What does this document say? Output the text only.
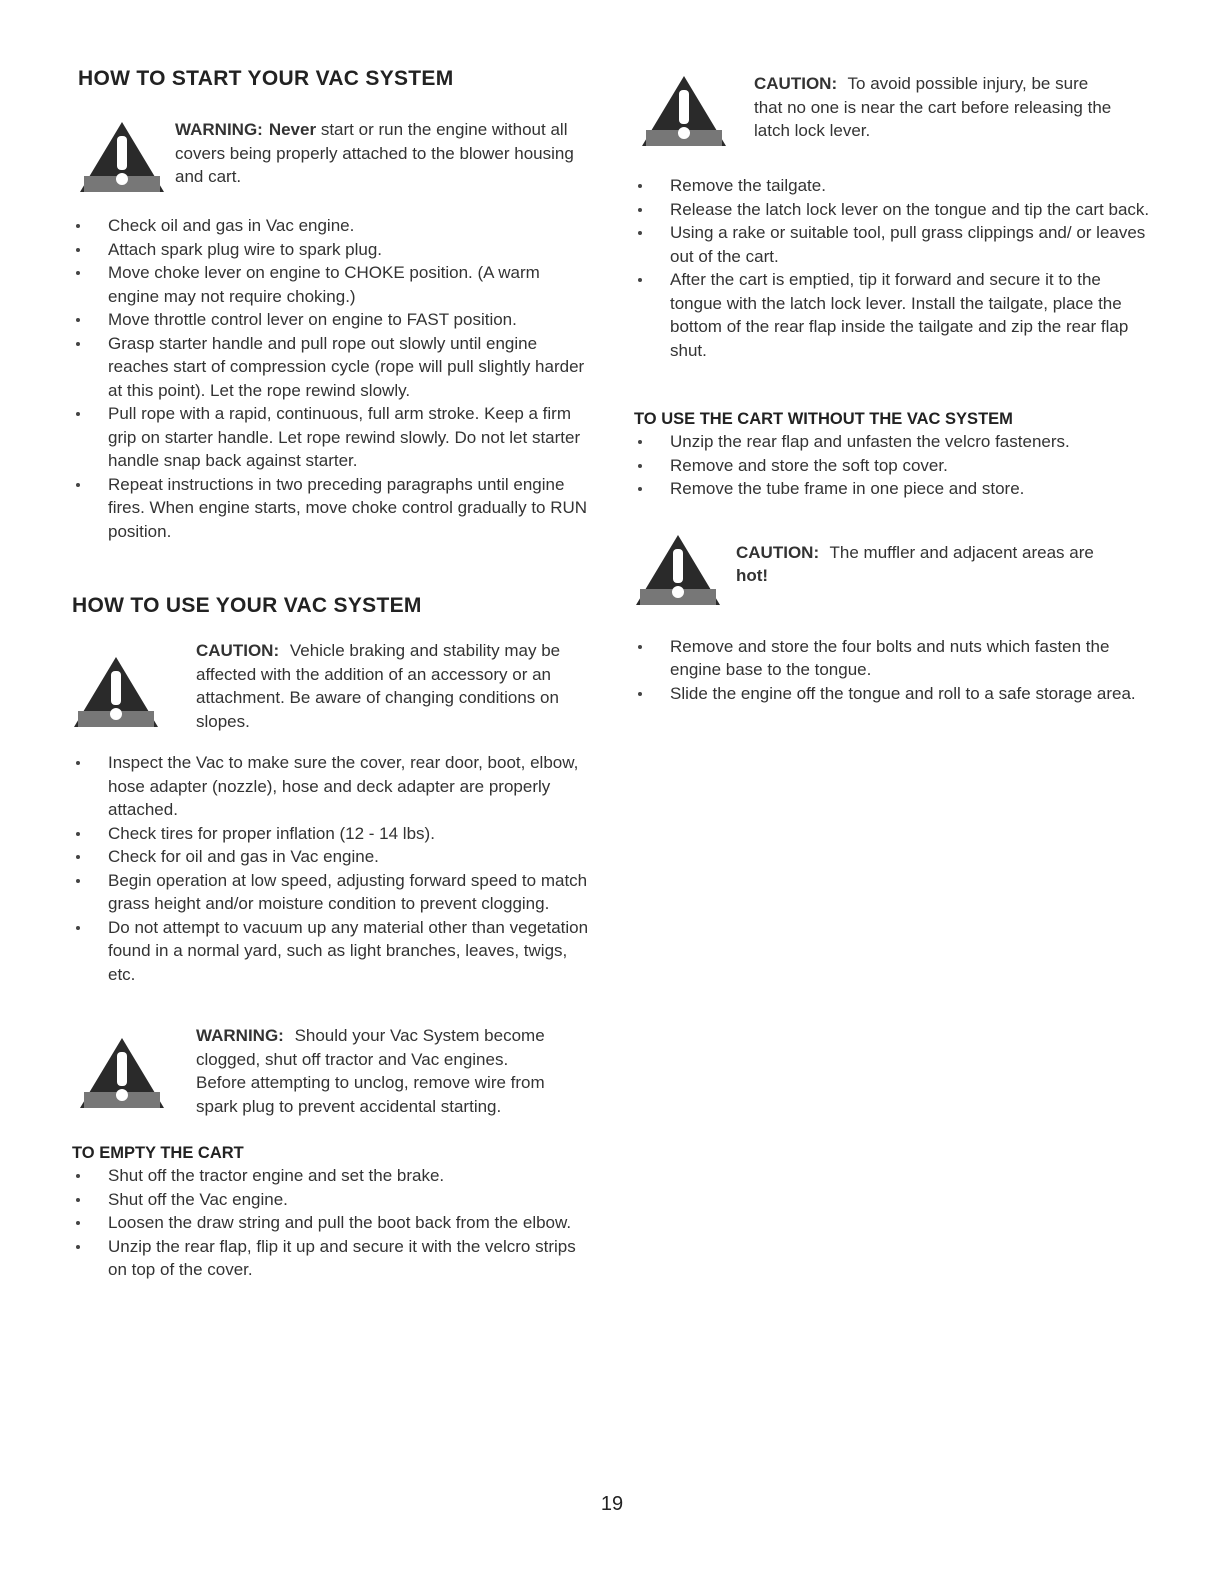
HOW TO START YOUR VAC SYSTEM
WARNING: Never start or run the engine without all covers being properly attached to the blower housing and cart.
Check oil and gas in Vac engine.
Attach spark plug wire to spark plug.
Move choke lever on engine to CHOKE position. (A warm engine may not require choking.)
Move throttle control lever on engine to FAST position.
Grasp starter handle and pull rope out slowly until engine reaches start of compression cycle (rope will pull slightly harder at this point). Let the rope rewind slowly.
Pull rope with a rapid, continuous, full arm stroke. Keep a firm grip on starter handle. Let rope rewind slowly. Do not let starter handle snap back against starter.
Repeat instructions in two preceding paragraphs until engine fires. When engine starts, move choke control gradually to RUN position.
HOW TO USE YOUR VAC SYSTEM
CAUTION: Vehicle braking and stability may be affected with the addition of an accessory or an attachment. Be aware of changing conditions on slopes.
Inspect the Vac to make sure the cover, rear door, boot, elbow, hose adapter (nozzle), hose and deck adapter are properly attached.
Check tires for proper inflation (12 - 14 lbs).
Check for oil and gas in Vac engine.
Begin operation at low speed, adjusting forward speed to match grass height and/or moisture condition to prevent clogging.
Do not attempt to vacuum up any material other than vegetation found in a normal yard, such as light branches, leaves, twigs, etc.
WARNING: Should your Vac System become clogged, shut off tractor and Vac engines. Before attempting to unclog, remove wire from spark plug to prevent accidental starting.
TO EMPTY THE CART
Shut off the tractor engine and set the brake.
Shut off the Vac engine.
Loosen the draw string and pull the boot back from the elbow.
Unzip the rear flap, flip it up and secure it with the velcro strips on top of the cover.
CAUTION: To avoid possible injury, be sure that no one is near the cart before releasing the latch lock lever.
Remove the tailgate.
Release the latch lock lever on the tongue and tip the cart back.
Using a rake or suitable tool, pull grass clippings and/ or leaves out of the cart.
After the cart is emptied, tip it forward and secure it to the tongue with the latch lock lever. Install the tailgate, place the bottom of the rear flap inside the tailgate and zip the rear flap shut.
TO USE THE CART WITHOUT THE VAC SYSTEM
Unzip the rear flap and unfasten the velcro fasteners.
Remove and store the soft top cover.
Remove the tube frame in one piece and store.
CAUTION: The muffler and adjacent areas are hot!
Remove and store the four bolts and nuts which fasten the engine base to the tongue.
Slide the engine off the tongue and roll to a safe storage area.
19
